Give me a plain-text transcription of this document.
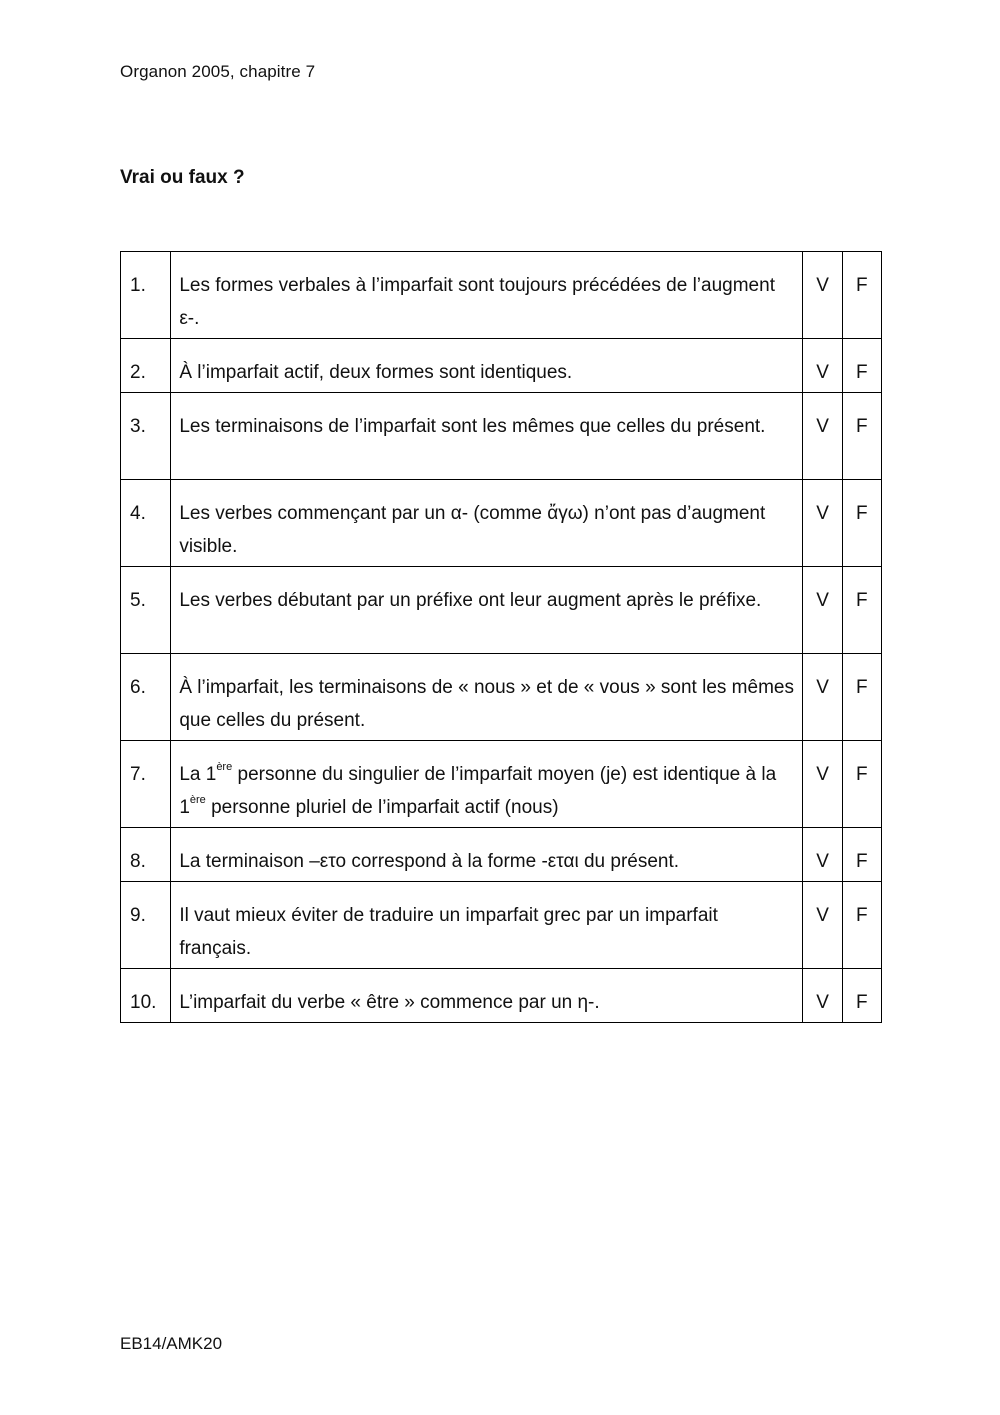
Organon 2005, chapitre 7
Vrai ou faux ?
1.	Les formes verbales à l’imparfait sont toujours précédées de l’augment ε-.	V	F
2.	À l’imparfait actif, deux formes sont identiques.	V	F
3.	Les terminaisons de l’imparfait sont les mêmes que celles du présent.	V	F
4.	Les verbes commençant par un α- (comme ἄγω) n’ont pas d’augment visible.	V	F
5.	Les verbes débutant par un préfixe ont leur augment après le préfixe.	V	F
6.	À l’imparfait, les terminaisons de « nous » et de « vous » sont les mêmes que celles du présent.	V	F
7.	La 1ère personne du singulier de l’imparfait moyen (je) est identique à la 1ère personne pluriel de l’imparfait actif (nous)	V	F
8.	La terminaison –ετο correspond à la forme -εται du présent.	V	F
9.	Il vaut mieux éviter de traduire un imparfait grec par un imparfait français.	V	F
10.	L’imparfait du verbe « être » commence par un η-.	V	F
EB14/AMK20
